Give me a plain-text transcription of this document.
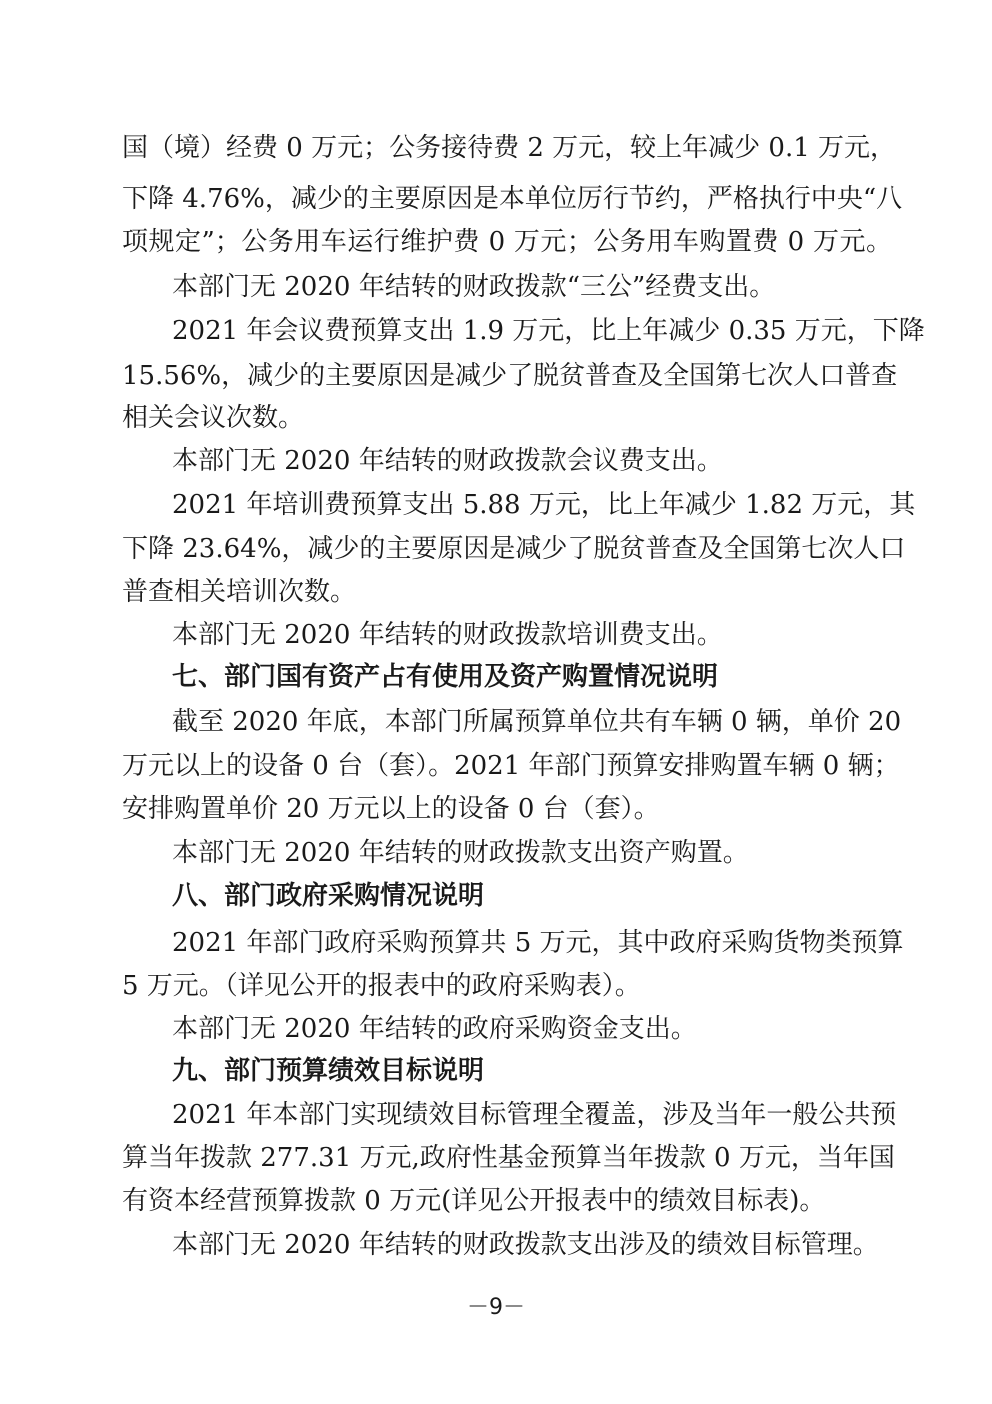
国（境）经费 0 万元；公务接待费 2 万元，较上年减少 0.1 万元，
下降 4.76%，减少的主要原因是本单位厉行节约，严格执行中央“八
项规定”；公务用车运行维护费 0 万元；公务用车购置费 0 万元。
本部门无 2020 年结转的财政拨款“三公”经费支出。
2021 年会议费预算支出 1.9 万元，比上年减少 0.35 万元，下降
15.56%，减少的主要原因是减少了脱贫普查及全国第七次人口普查
相关会议次数。
本部门无 2020 年结转的财政拨款会议费支出。
2021 年培训费预算支出 5.88 万元，比上年减少 1.82 万元，其
下降 23.64%，减少的主要原因是减少了脱贫普查及全国第七次人口
普查相关培训次数。
本部门无 2020 年结转的财政拨款培训费支出。
七、部门国有资产占有使用及资产购置情况说明
截至 2020 年底，本部门所属预算单位共有车辆 0 辆，单价 20
万元以上的设备 0 台（套）。2021 年部门预算安排购置车辆 0 辆；
安排购置单价 20 万元以上的设备 0 台（套）。
本部门无 2020 年结转的财政拨款支出资产购置。
八、部门政府采购情况说明
2021 年部门政府采购预算共 5 万元，其中政府采购货物类预算
5 万元。（详见公开的报表中的政府采购表）。
本部门无 2020 年结转的政府采购资金支出。
九、部门预算绩效目标说明
2021 年本部门实现绩效目标管理全覆盖，涉及当年一般公共预
算当年拨款 277.31 万元,政府性基金预算当年拨款 0 万元，当年国
有资本经营预算拨款 0 万元(详见公开报表中的绩效目标表)。
本部门无 2020 年结转的财政拨款支出涉及的绩效目标管理。
－9－
